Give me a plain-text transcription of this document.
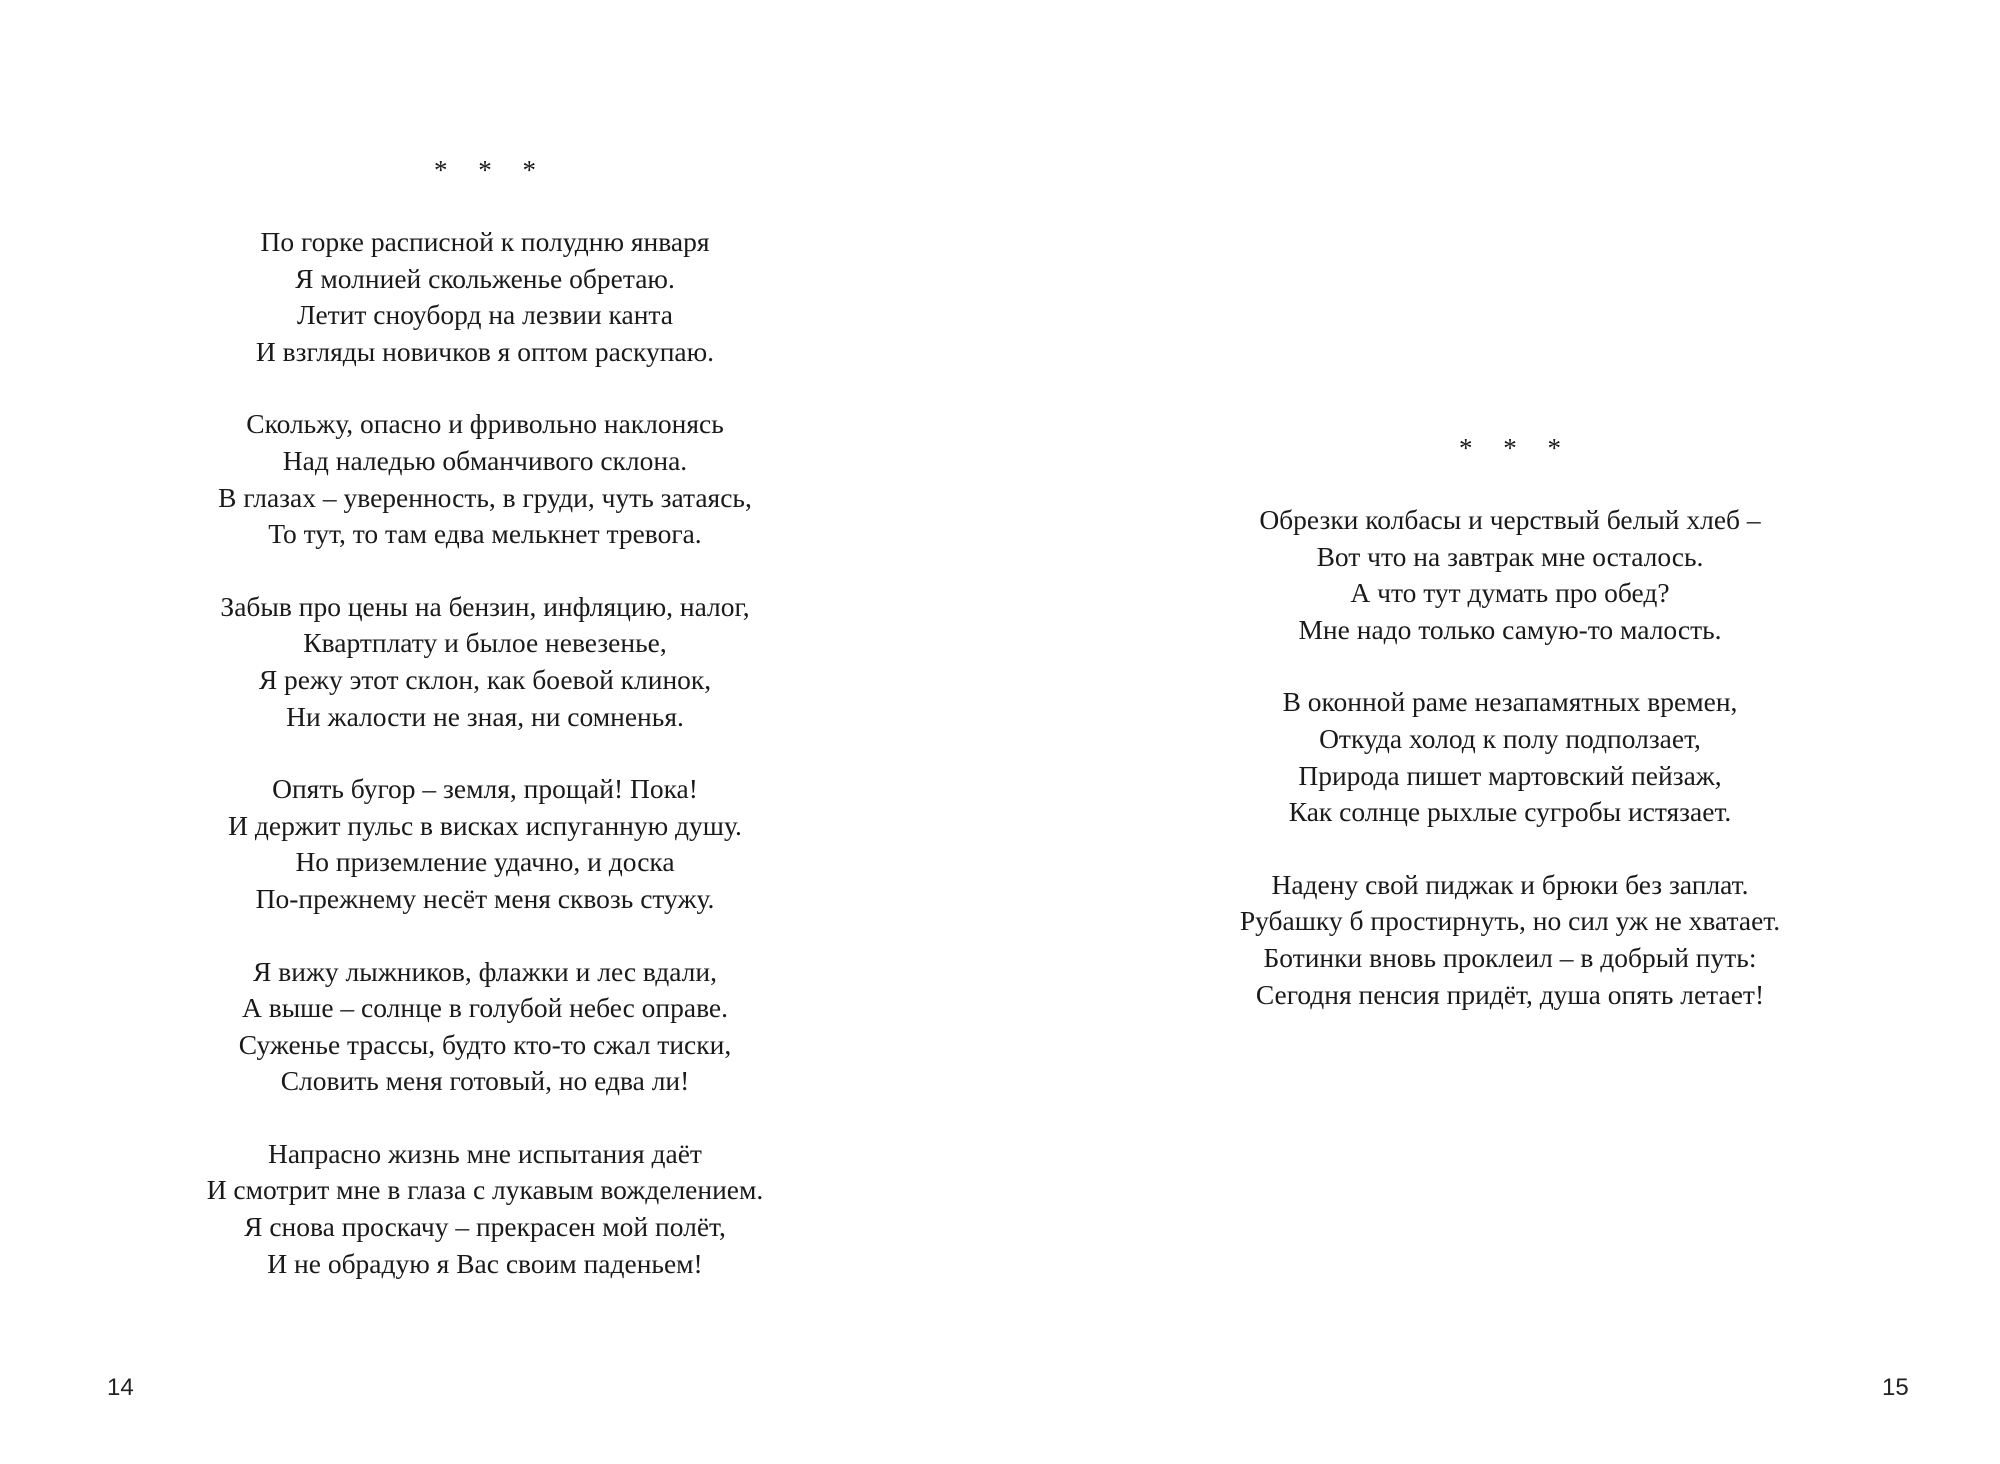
* * *
По горке расписной к полудню января
Я молнией скольженье обретаю.
Летит сноуборд на лезвии канта
И взгляды новичков я оптом раскупаю.
Скольжу, опасно и фривольно наклонясь
Над наледью обманчивого склона.
В глазах – уверенность, в груди, чуть затаясь,
То тут, то там едва мелькнет тревога.
Забыв про цены на бензин, инфляцию, налог,
Квартплату и былое невезенье,
Я режу этот склон, как боевой клинок,
Ни жалости не зная, ни сомненья.
Опять бугор – земля, прощай! Пока!
И держит пульс в висках испуганную душу.
Но приземление удачно, и доска
По-прежнему несёт меня сквозь стужу.
Я вижу лыжников, флажки и лес вдали,
А выше – солнце в голубой небес оправе.
Суженье трассы, будто кто-то сжал тиски,
Словить меня готовый, но едва ли!
Напрасно жизнь мне испытания даёт
И смотрит мне в глаза с лукавым вожделением.
Я снова проскачу – прекрасен мой полёт,
И не обрадую я Вас своим паденьем!
14
* * *
Обрезки колбасы и черствый белый хлеб –
Вот что на завтрак мне осталось.
А что тут думать про обед?
Мне надо только самую-то малость.
В оконной раме незапамятных времен,
Откуда холод к полу подползает,
Природа пишет мартовский пейзаж,
Как солнце рыхлые сугробы истязает.
Надену свой пиджак и брюки без заплат.
Рубашку б простирнуть, но сил уж не хватает.
Ботинки вновь проклеил – в добрый путь:
Сегодня пенсия придёт, душа опять летает!
15
